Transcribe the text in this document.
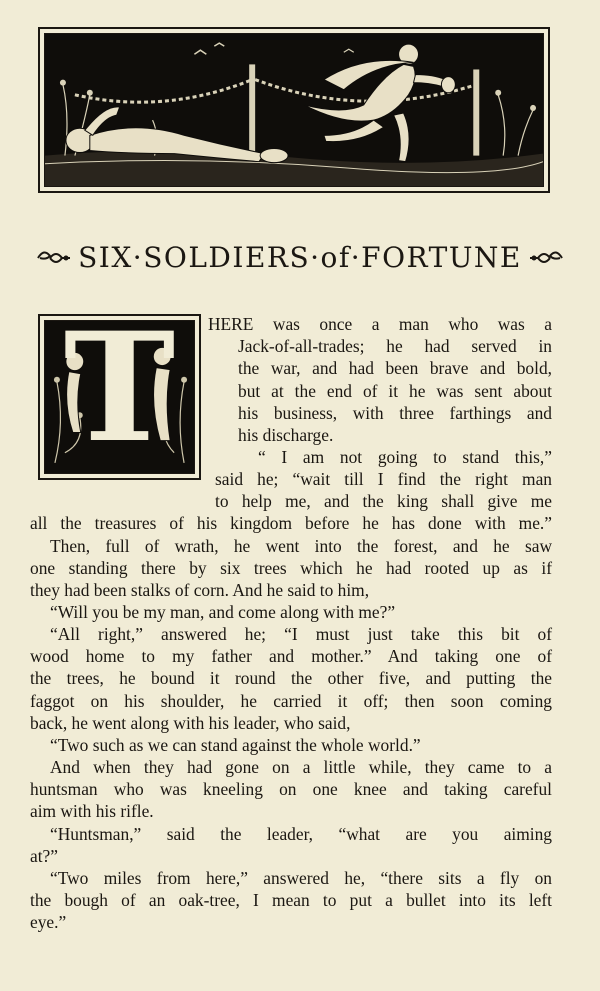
SIX·SOLDIERS·of·FORTUNE
T	HERE was once a man who was a
Jack-of-all-trades; he had served in
the war, and had been brave and bold,
but at the end of it he was sent about
his business, with three farthings and
his discharge.
“ I am not going to stand this,”
said he; “wait till I find the right man
to help me, and the king shall give me
all the treasures of his kingdom before he has done with me.”
Then, full of wrath, he went into the forest, and he saw
one standing there by six trees which he had rooted up as if
they had been stalks of corn. And he said to him,
“Will you be my man, and come along with me?”
“All right,” answered he; “I must just take this bit of
wood home to my father and mother.” And taking one of
the trees, he bound it round the other five, and putting the
faggot on his shoulder, he carried it off; then soon coming
back, he went along with his leader, who said,
“Two such as we can stand against the whole world.”
And when they had gone on a little while, they came to a
huntsman who was kneeling on one knee and taking careful
aim with his rifle.
“Huntsman,” said the leader, “what are you aiming
at?”
“Two miles from here,” answered he, “there sits a fly on
the bough of an oak-tree, I mean to put a bullet into its left
eye.”
